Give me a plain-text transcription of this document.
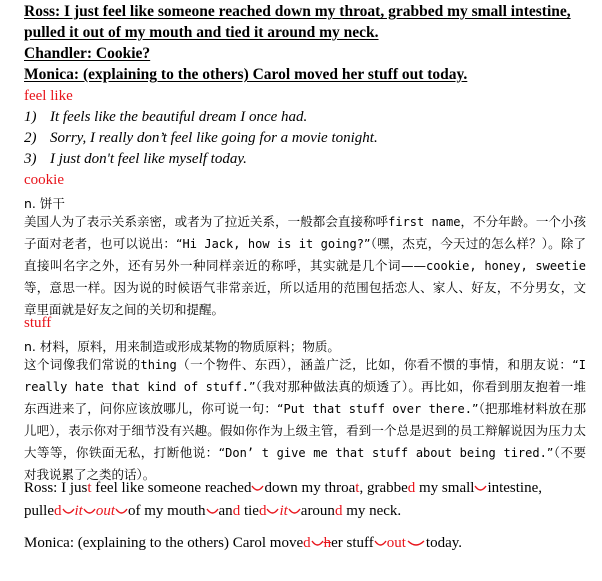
Ross: I just feel like someone reached down my throat, grabbed my small intestine,
pulled it out of my mouth and tied it around my neck.
Chandler: Cookie?
Monica: (explaining to the others) Carol moved her stuff out today.
feel like
1) It feels like the beautiful dream I once had.
2) Sorry, I really don’t feel like going for a movie tonight.
3) I just don't feel like myself today.
cookie
n. 饼干
美国人为了表示关系亲密，或者为了拉近关系，一般都会直接称呼first name，不分年龄。一个小孩子面对老者，也可以说出：“Hi Jack, how is it going?”（嘿，杰克，今天过的怎么样？）。除了直接叫名字之外，还有另外一种同样亲近的称呼，其实就是几个词——cookie, honey, sweetie等，意思一样。因为说的时候语气非常亲近，所以适用的范围包括恋人、家人、好友，不分男女，文章里面就是好友之间的关切和提醒。
stuff
n. 材料，原料，用来制造或形成某物的物质原料；物质。
这个词像我们常说的thing（一个物件、东西），涵盖广泛，比如，你看不惯的事情，和朋友说：“I really hate that kind of stuff.”（我对那种做法真的烦透了）。再比如，你看到朋友抱着一堆东西进来了，问你应该放哪儿，你可说一句：“Put that stuff over there.”（把那堆材料放在那儿吧），表示你对于细节没有兴趣。假如你作为上级主管，看到一个总是迟到的员工辩解说因为压力太大等等，你铁面无私，打断他说：“Don’ t give me that stuff about being tired.”（不要对我说累了之类的话）。
Ross: I just feel like someone reached down my throat, grabbed my small intestine,
pulled it out of my mouth and tied it around my neck.
Monica: (explaining to the others) Carol moved her stuff out today.
